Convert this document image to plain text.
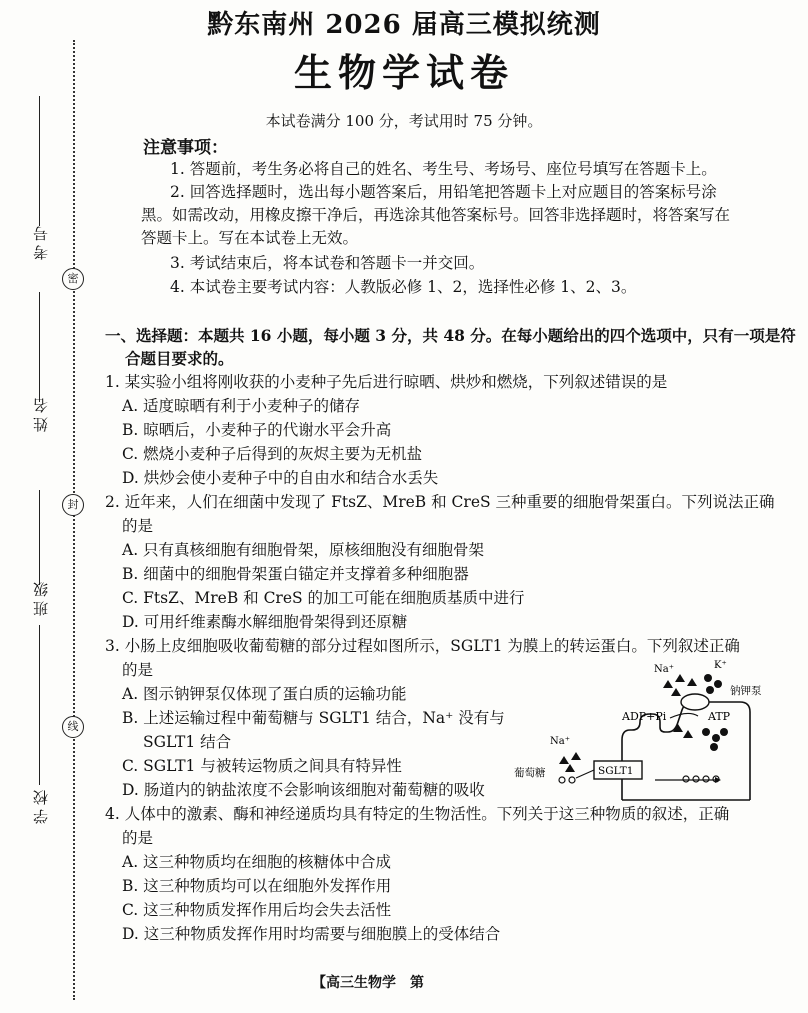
考号
姓名
班级
学校
密
封
线
黔东南州 2026 届高三模拟统测
生物学试卷
本试卷满分 100 分，考试用时 75 分钟。
注意事项：
1. 答题前，考生务必将自己的姓名、考生号、考场号、座位号填写在答题卡上。
2. 回答选择题时，选出每小题答案后，用铅笔把答题卡上对应题目的答案标号涂
黑。如需改动，用橡皮擦干净后，再选涂其他答案标号。回答非选择题时，将答案写在
答题卡上。写在本试卷上无效。
3. 考试结束后，将本试卷和答题卡一并交回。
4. 本试卷主要考试内容：人教版必修 1、2，选择性必修 1、2、3。
一、选择题：本题共 16 小题，每小题 3 分，共 48 分。在每小题给出的四个选项中，只有一项是符
合题目要求的。
1. 某实验小组将刚收获的小麦种子先后进行晾晒、烘炒和燃烧，下列叙述错误的是
A. 适度晾晒有利于小麦种子的储存
B. 晾晒后，小麦种子的代谢水平会升高
C. 燃烧小麦种子后得到的灰烬主要为无机盐
D. 烘炒会使小麦种子中的自由水和结合水丢失
2. 近年来，人们在细菌中发现了 FtsZ、MreB 和 CreS 三种重要的细胞骨架蛋白。下列说法正确
的是
A. 只有真核细胞有细胞骨架，原核细胞没有细胞骨架
B. 细菌中的细胞骨架蛋白锚定并支撑着多种细胞器
C. FtsZ、MreB 和 CreS 的加工可能在细胞质基质中进行
D. 可用纤维素酶水解细胞骨架得到还原糖
3. 小肠上皮细胞吸收葡萄糖的部分过程如图所示，SGLT1 为膜上的转运蛋白。下列叙述正确
的是
A. 图示钠钾泵仅体现了蛋白质的运输功能
B. 上述运输过程中葡萄糖与 SGLT1 结合，Na⁺ 没有与
SGLT1 结合
C. SGLT1 与被转运物质之间具有特异性
D. 肠道内的钠盐浓度不会影响该细胞对葡萄糖的吸收
Na⁺	K⁺
钠钾泵
ADP+Pi	ATP
Na⁺
葡萄糖	SGLT1
4. 人体中的激素、酶和神经递质均具有特定的生物活性。下列关于这三种物质的叙述，正确
的是
A. 这三种物质均在细胞的核糖体中合成
B. 这三种物质均可以在细胞外发挥作用
C. 这三种物质发挥作用后均会失去活性
D. 这三种物质发挥作用时均需要与细胞膜上的受体结合
【高三生物学　第
